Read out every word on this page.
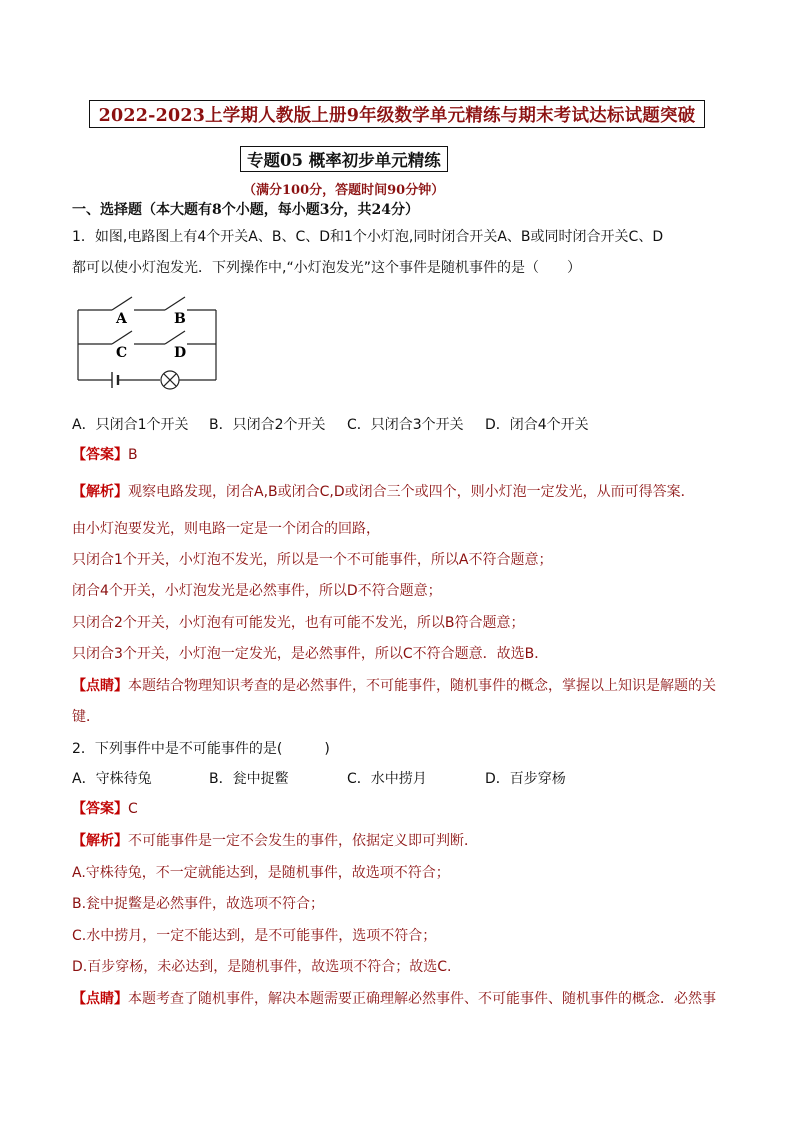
2022-2023上学期人教版上册9年级数学单元精练与期末考试达标试题突破
专题05 概率初步单元精练
（满分100分，答题时间90分钟）
一、选择题（本大题有8个小题，每小题3分，共24分）
1．如图,电路图上有4个开关A、B、C、D和1个小灯泡,同时闭合开关A、B或同时闭合开关C、D
都可以使小灯泡发光．下列操作中,“小灯泡发光”这个事件是随机事件的是（　　）
A	B
C	D
A．只闭合1个开关 B．只闭合2个开关 C．只闭合3个开关 D．闭合4个开关
【答案】B
【解析】观察电路发现，闭合A,B或闭合C,D或闭合三个或四个，则小灯泡一定发光，从而可得答案．
由小灯泡要发光，则电路一定是一个闭合的回路，
只闭合1个开关，小灯泡不发光，所以是一个不可能事件，所以A不符合题意；
闭合4个开关，小灯泡发光是必然事件，所以D不符合题意；
只闭合2个开关，小灯泡有可能发光，也有可能不发光，所以B符合题意；
只闭合3个开关，小灯泡一定发光，是必然事件，所以C不符合题意．故选B．
【点睛】本题结合物理知识考查的是必然事件，不可能事件，随机事件的概念，掌握以上知识是解题的关
键．
2．下列事件中是不可能事件的是(　　　)
A．守株待兔	B．瓮中捉鳖	C．水中捞月	D．百步穿杨
【答案】C
【解析】不可能事件是一定不会发生的事件，依据定义即可判断．
A.守株待兔，不一定就能达到，是随机事件，故选项不符合；
B.瓮中捉鳖是必然事件，故选项不符合；
C.水中捞月，一定不能达到，是不可能事件，选项不符合；
D.百步穿杨，未必达到，是随机事件，故选项不符合；故选C.
【点睛】本题考查了随机事件，解决本题需要正确理解必然事件、不可能事件、随机事件的概念．必然事
